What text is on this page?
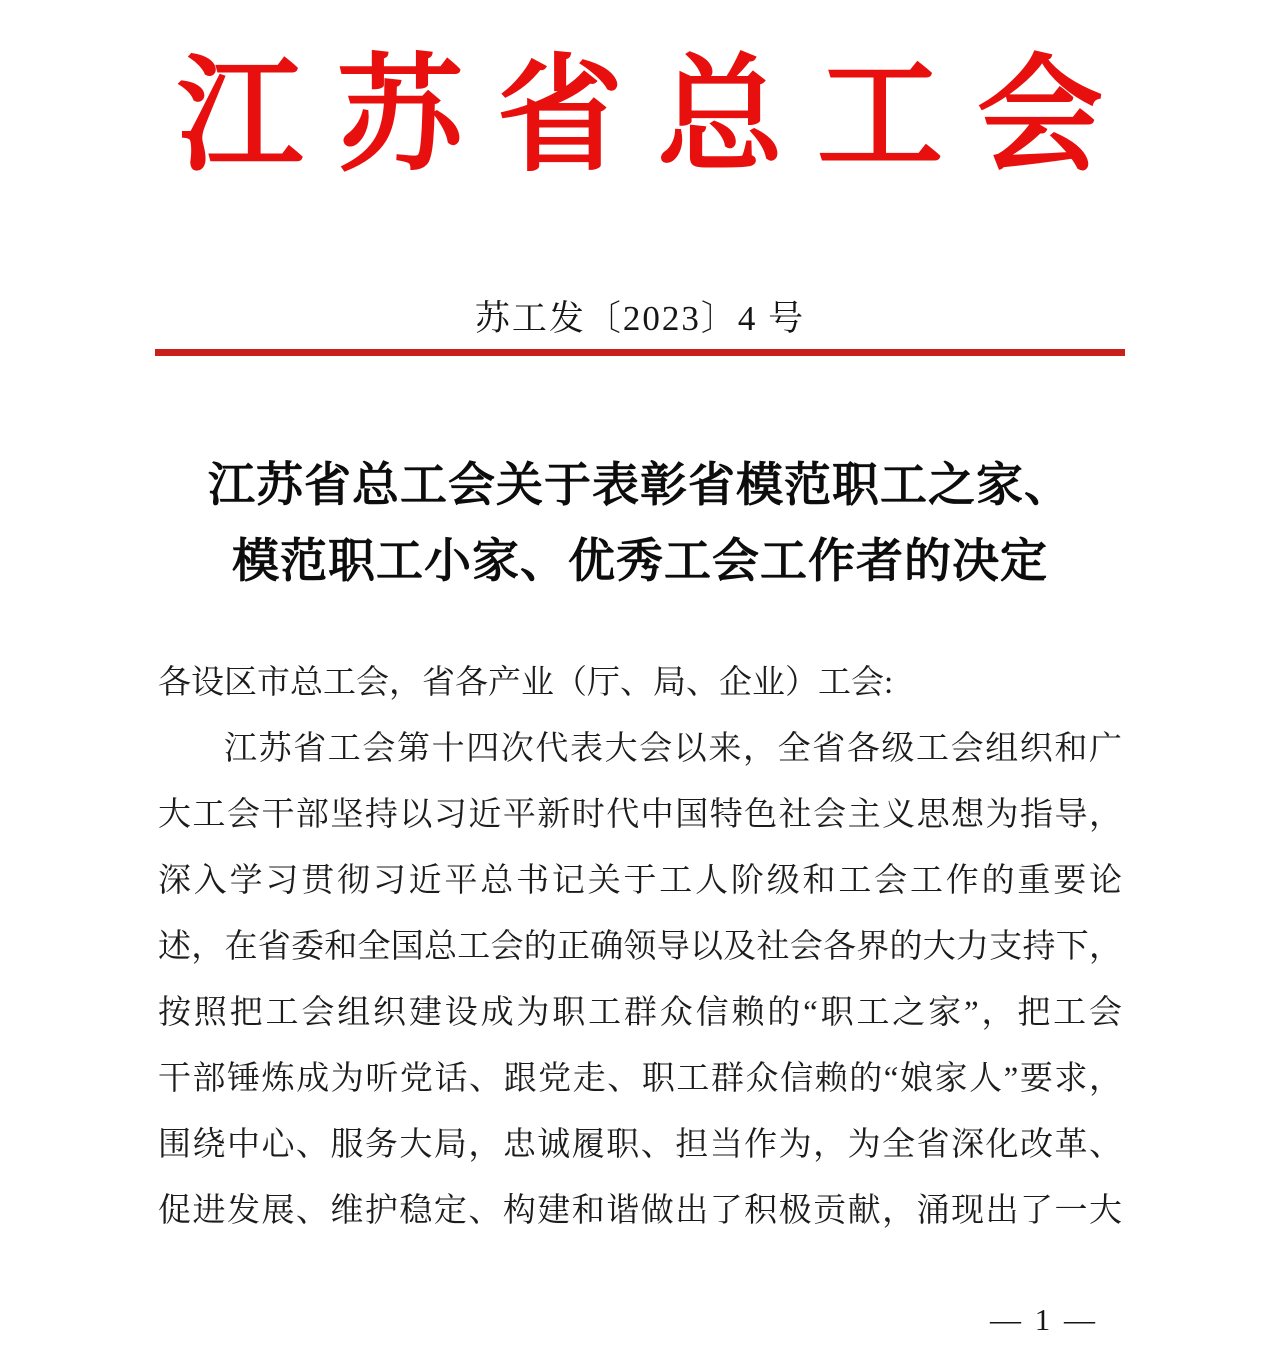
江苏省总工会
苏工发〔2023〕4 号
江苏省总工会关于表彰省模范职工之家、
模范职工小家、优秀工会工作者的决定

各设区市总工会，省各产业（厅、局、企业）工会:

江苏省工会第十四次代表大会以来，全省各级工会组织和广

大工会干部坚持以习近平新时代中国特色社会主义思想为指导，

深入学习贯彻习近平总书记关于工人阶级和工会工作的重要论

述，在省委和全国总工会的正确领导以及社会各界的大力支持下，

按照把工会组织建设成为职工群众信赖的“职工之家”，把工会

干部锤炼成为听党话、跟党走、职工群众信赖的“娘家人”要求，

围绕中心、服务大局，忠诚履职、担当作为，为全省深化改革、

促进发展、维护稳定、构建和谐做出了积极贡献，涌现出了一大

— 1 —
